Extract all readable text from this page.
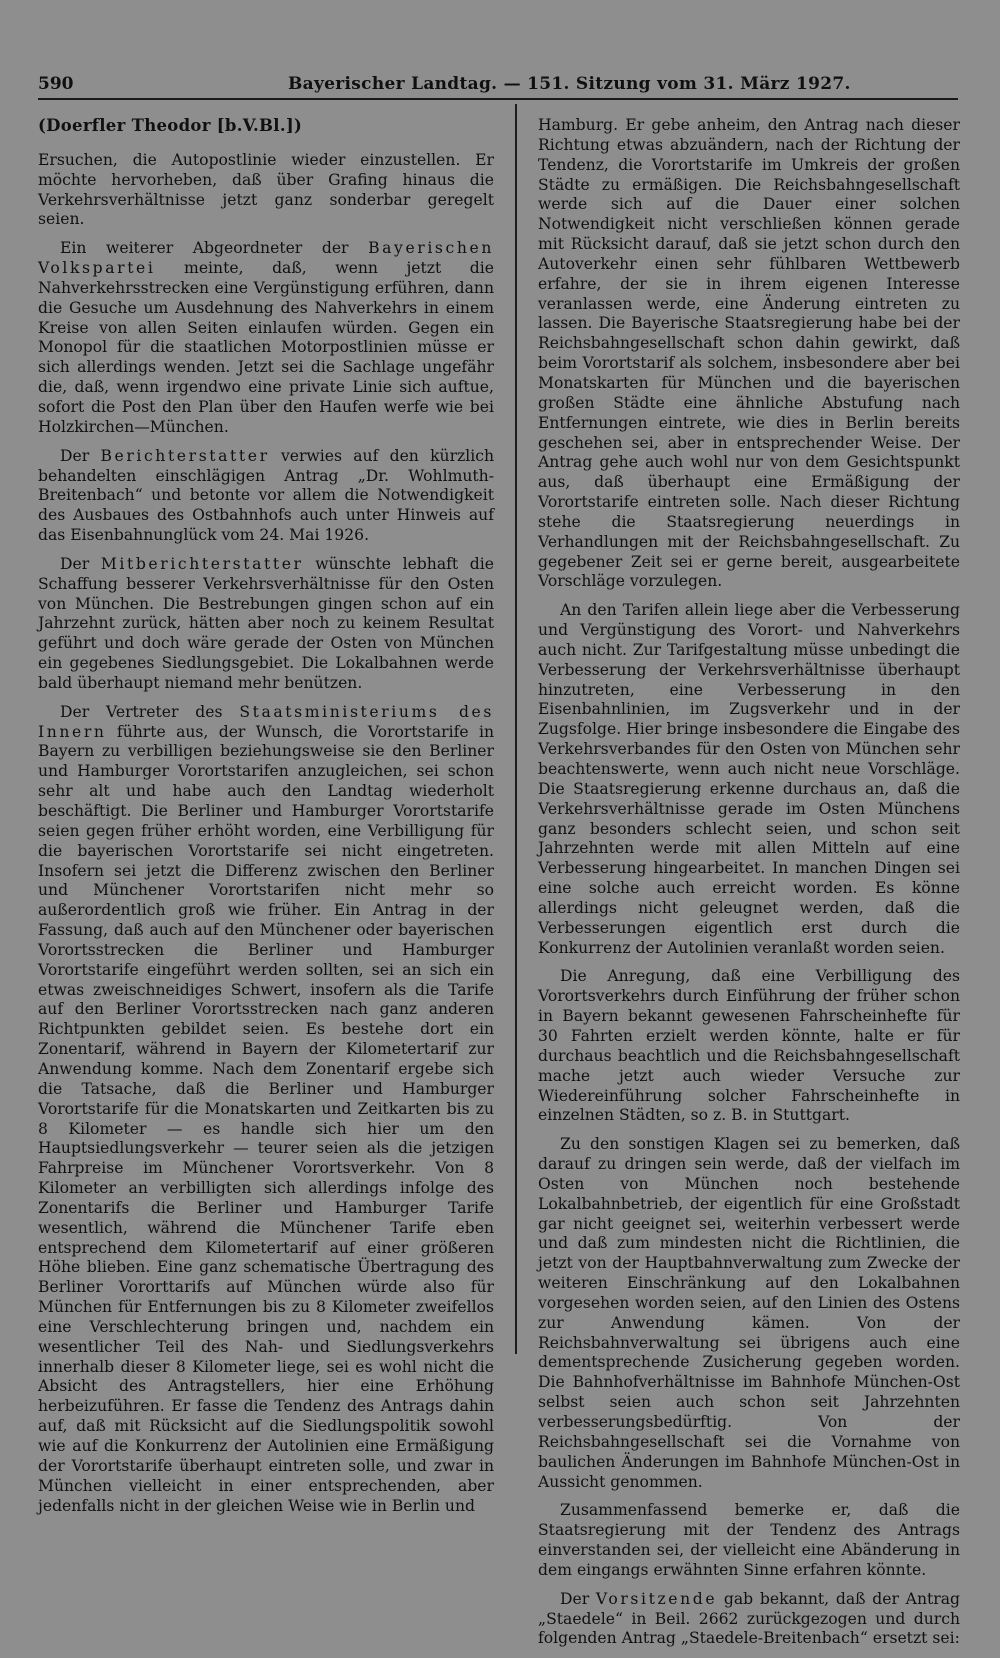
590	Bayerischer Landtag. — 151. Sitzung vom 31. März 1927.
(Doerfler Theodor [b.V.Bl.])

Ersuchen, die Autopostlinie wieder einzustellen. Er möchte hervorheben, daß über Grafing hinaus die Verkehrsverhältnisse jetzt ganz sonderbar geregelt seien.

Ein weiterer Abgeordneter der Bayerischen Volkspartei meinte, daß, wenn jetzt die Nahverkehrsstrecken eine Vergünstigung erführen, dann die Gesuche um Ausdehnung des Nahverkehrs in einem Kreise von allen Seiten einlaufen würden. Gegen ein Monopol für die staatlichen Motorpostlinien müsse er sich allerdings wenden. Jetzt sei die Sachlage ungefähr die, daß, wenn irgendwo eine private Linie sich auftue, sofort die Post den Plan über den Haufen werfe wie bei Holzkirchen—München.

Der Berichterstatter verwies auf den kürzlich behandelten einschlägigen Antrag „Dr. Wohlmuth-Breitenbach“ und betonte vor allem die Notwendigkeit des Ausbaues des Ostbahnhofs auch unter Hinweis auf das Eisenbahnunglück vom 24. Mai 1926.

Der Mitberichterstatter wünschte lebhaft die Schaffung besserer Verkehrsverhältnisse für den Osten von München. Die Bestrebungen gingen schon auf ein Jahrzehnt zurück, hätten aber noch zu keinem Resultat geführt und doch wäre gerade der Osten von München ein gegebenes Siedlungsgebiet. Die Lokalbahnen werde bald überhaupt niemand mehr benützen.

Der Vertreter des Staatsministeriums des Innern führte aus, der Wunsch, die Vorortstarife in Bayern zu verbilligen beziehungsweise sie den Berliner und Hamburger Vorortstarifen anzugleichen, sei schon sehr alt und habe auch den Landtag wiederholt beschäftigt. Die Berliner und Hamburger Vorortstarife seien gegen früher erhöht worden, eine Verbilligung für die bayerischen Vorortstarife sei nicht eingetreten. Insofern sei jetzt die Differenz zwischen den Berliner und Münchener Vorortstarifen nicht mehr so außerordentlich groß wie früher. Ein Antrag in der Fassung, daß auch auf den Münchener oder bayerischen Vorortsstrecken die Berliner und Hamburger Vorortstarife eingeführt werden sollten, sei an sich ein etwas zweischneidiges Schwert, insofern als die Tarife auf den Berliner Vorortsstrecken nach ganz anderen Richtpunkten gebildet seien. Es bestehe dort ein Zonentarif, während in Bayern der Kilometertarif zur Anwendung komme. Nach dem Zonentarif ergebe sich die Tatsache, daß die Berliner und Hamburger Vorortstarife für die Monatskarten und Zeitkarten bis zu 8 Kilometer — es handle sich hier um den Hauptsiedlungsverkehr — teurer seien als die jetzigen Fahrpreise im Münchener Vorortsverkehr. Von 8 Kilometer an verbilligten sich allerdings infolge des Zonentarifs die Berliner und Hamburger Tarife wesentlich, während die Münchener Tarife eben entsprechend dem Kilometertarif auf einer größeren Höhe blieben. Eine ganz schematische Übertragung des Berliner Vororttarifs auf München würde also für München für Entfernungen bis zu 8 Kilometer zweifellos eine Verschlechterung bringen und, nachdem ein wesentlicher Teil des Nah- und Siedlungsverkehrs innerhalb dieser 8 Kilometer liege, sei es wohl nicht die Absicht des Antragstellers, hier eine Erhöhung herbeizuführen. Er fasse die Tendenz des Antrags dahin auf, daß mit Rücksicht auf die Siedlungspolitik sowohl wie auf die Konkurrenz der Autolinien eine Ermäßigung der Vorortstarife überhaupt eintreten solle, und zwar in München vielleicht in einer entsprechenden, aber jedenfalls nicht in der gleichen Weise wie in Berlin und

Hamburg. Er gebe anheim, den Antrag nach dieser Richtung etwas abzuändern, nach der Richtung der Tendenz, die Vorortstarife im Umkreis der großen Städte zu ermäßigen. Die Reichsbahngesellschaft werde sich auf die Dauer einer solchen Notwendigkeit nicht verschließen können gerade mit Rücksicht darauf, daß sie jetzt schon durch den Autoverkehr einen sehr fühlbaren Wettbewerb erfahre, der sie in ihrem eigenen Interesse veranlassen werde, eine Änderung eintreten zu lassen. Die Bayerische Staatsregierung habe bei der Reichsbahngesellschaft schon dahin gewirkt, daß beim Vorortstarif als solchem, insbesondere aber bei Monatskarten für München und die bayerischen großen Städte eine ähnliche Abstufung nach Entfernungen eintrete, wie dies in Berlin bereits geschehen sei, aber in entsprechender Weise. Der Antrag gehe auch wohl nur von dem Gesichtspunkt aus, daß überhaupt eine Ermäßigung der Vorortstarife eintreten solle. Nach dieser Richtung stehe die Staatsregierung neuerdings in Verhandlungen mit der Reichsbahngesellschaft. Zu gegebener Zeit sei er gerne bereit, ausgearbeitete Vorschläge vorzulegen.

An den Tarifen allein liege aber die Verbesserung und Vergünstigung des Vorort- und Nahverkehrs auch nicht. Zur Tarifgestaltung müsse unbedingt die Verbesserung der Verkehrsverhältnisse überhaupt hinzutreten, eine Verbesserung in den Eisenbahnlinien, im Zugsverkehr und in der Zugsfolge. Hier bringe insbesondere die Eingabe des Verkehrsverbandes für den Osten von München sehr beachtenswerte, wenn auch nicht neue Vorschläge. Die Staatsregierung erkenne durchaus an, daß die Verkehrsverhältnisse gerade im Osten Münchens ganz besonders schlecht seien, und schon seit Jahrzehnten werde mit allen Mitteln auf eine Verbesserung hingearbeitet. In manchen Dingen sei eine solche auch erreicht worden. Es könne allerdings nicht geleugnet werden, daß die Verbesserungen eigentlich erst durch die Konkurrenz der Autolinien veranlaßt worden seien.

Die Anregung, daß eine Verbilligung des Vorortsverkehrs durch Einführung der früher schon in Bayern bekannt gewesenen Fahrscheinhefte für 30 Fahrten erzielt werden könnte, halte er für durchaus beachtlich und die Reichsbahngesellschaft mache jetzt auch wieder Versuche zur Wiedereinführung solcher Fahrscheinhefte in einzelnen Städten, so z. B. in Stuttgart.

Zu den sonstigen Klagen sei zu bemerken, daß darauf zu dringen sein werde, daß der vielfach im Osten von München noch bestehende Lokalbahnbetrieb, der eigentlich für eine Großstadt gar nicht geeignet sei, weiterhin verbessert werde und daß zum mindesten nicht die Richtlinien, die jetzt von der Hauptbahnverwaltung zum Zwecke der weiteren Einschränkung auf den Lokalbahnen vorgesehen worden seien, auf den Linien des Ostens zur Anwendung kämen. Von der Reichsbahnverwaltung sei übrigens auch eine dementsprechende Zusicherung gegeben worden. Die Bahnhofverhältnisse im Bahnhofe München-Ost selbst seien auch schon seit Jahrzehnten verbesserungsbedürftig. Von der Reichsbahngesellschaft sei die Vornahme von baulichen Änderungen im Bahnhofe München-Ost in Aussicht genommen.

Zusammenfassend bemerke er, daß die Staatsregierung mit der Tendenz des Antrags einverstanden sei, der vielleicht eine Abänderung in dem eingangs erwähnten Sinne erfahren könnte.

Der Vorsitzende gab bekannt, daß der Antrag „Staedele“ in Beil. 2662 zurückgezogen und durch folgenden Antrag „Staedele-Breitenbach“ ersetzt sei:
